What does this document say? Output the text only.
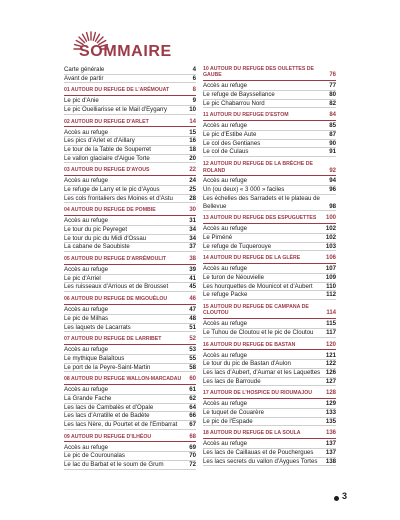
SOMMAIRE
Carte générale	4
Avant de partir	6
01 AUTOUR DU REFUGE DE L'ARÉMOUAT	8
Le pic d'Anie	9
Le pic Ouelliarisse et le Mail d'Eygarry	10
02 AUTOUR DU REFUGE D'ARLET	14
Accès au refuge	15
Les pics d'Arlet et d'Aillary	16
Le tour de la Table de Souperret	18
Le vallon glaciaire d'Aigue Torte	20
03 AUTOUR DU REFUGE D'AYOUS	22
Accès au refuge	24
Le refuge de Larry et le pic d'Ayous	25
Les cols frontaliers des Moines et d'Astu	28
04 AUTOUR DU REFUGE DE POMBIE	30
Accès au refuge	31
Le tour du pic Peyreget	34
Le tour du pic du Midi d'Ossau	34
La cabane de Saoubiste	37
05 AUTOUR DU REFUGE D'ARRÉMOULIT	38
Accès au refuge	39
Le pic d'Arriel	41
Les ruisseaux d'Arrious et de Brousset	45
06 AUTOUR DU REFUGE DE MIGOUÉLOU	46
Accès au refuge	47
Le pic de Milhas	48
Les laquets de Lacarrats	51
07 AUTOUR DU REFUGE DE LARRIBET	52
Accès au refuge	53
Le mythique Balaïtous	55
Le port de la Peyre-Saint-Martin	58
08 AUTOUR DU REFUGE WALLON-MARCADAU	60
Accès au refuge	61
La Grande Fache	62
Les lacs de Cambalès et d'Opale	64
Les lacs d'Arratille et de Badète	66
Les lacs Nère, du Pourtet et de l'Embarrat	67
09 AUTOUR DU REFUGE D'ILHÉOU	68
Accès au refuge	69
Le pic de Courounalas	70
Le lac du Barbat et le soum de Grum	72
10 AUTOUR DU REFUGE DES OULETTES DE GAUBE	76
Accès au refuge	77
Le refuge de Bayssellance	80
Le pic Chabarrou Nord	82
11 AUTOUR DU REFUGE D'ESTOM	84
Accès au refuge	85
Le pic d'Estibe Aute	87
Le col des Gentianes	90
Le col de Culaus	91
12 AUTOUR DU REFUGE DE LA BRÈCHE DE ROLAND	92
Accès au refuge	94
Un (ou deux) « 3 000 » faciles	96
Les échelles des Sarradets et le plateau de Bellevue	98
13 AUTOUR DU REFUGE DES ESPUGUETTES	100
Accès au refuge	102
Le Piméné	102
Le refuge de Tuquerouye	103
14 AUTOUR DU REFUGE DE LA GLÈRE	106
Accès au refuge	107
Le turon de Néouvielle	109
Les hourquettes de Mounicot et d'Aubert	110
Le refuge Packe	112
15 AUTOUR DU REFUGE DE CAMPANA DE CLOUTOU	114
Accès au refuge	115
Le Tuhou de Cloutou et le pic de Cloutou	117
16 AUTOUR DU REFUGE DE BASTAN	120
Accès au refuge	121
Le tour du pic de Bastan d'Aulon	122
Les lacs d'Aubert, d'Aumar et les Laquettes 126
Les lacs de Barroude	127
17 AUTOUR DE L'HOSPICE DU RIOUMAJOU	128
Accès au refuge	129
Le tuquet de Couarère	133
Le pic de l'Espade	135
18 AUTOUR DU REFUGE DE LA SOULA	136
Accès au refuge	137
Les lacs de Caillauas et de Pouchergues	137
Les lacs secrets du vallon d'Aygues Tortes	138
3
